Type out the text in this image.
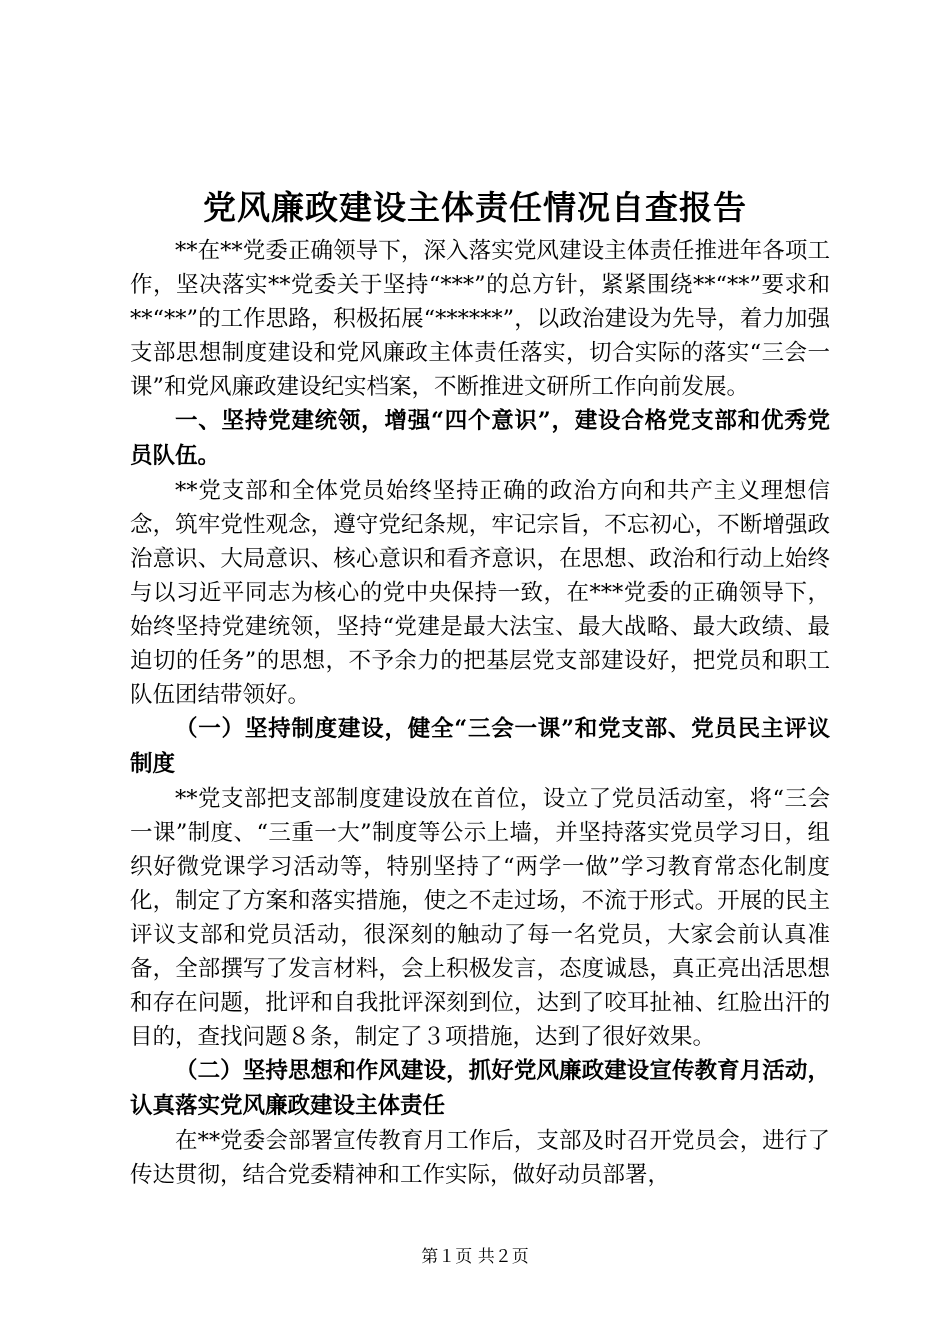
党风廉政建设主体责任情况自查报告

**在**党委正确领导下，深入落实党风建设主体责任推进年各项工作，坚决落实**党委关于坚持“***”的总方针，紧紧围绕**“**”要求和**“**”的工作思路，积极拓展“******”，以政治建设为先导，着力加强支部思想制度建设和党风廉政主体责任落实，切合实际的落实“三会一课”和党风廉政建设纪实档案，不断推进文研所工作向前发展。

一、坚持党建统领，增强“四个意识”，建设合格党支部和优秀党员队伍。

**党支部和全体党员始终坚持正确的政治方向和共产主义理想信念，筑牢党性观念，遵守党纪条规，牢记宗旨，不忘初心，不断增强政治意识、大局意识、核心意识和看齐意识，在思想、政治和行动上始终与以习近平同志为核心的党中央保持一致，在***党委的正确领导下，始终坚持党建统领，坚持“党建是最大法宝、最大战略、最大政绩、最迫切的任务”的思想，不予余力的把基层党支部建设好，把党员和职工队伍团结带领好。

（一）坚持制度建设，健全“三会一课”和党支部、党员民主评议制度

**党支部把支部制度建设放在首位，设立了党员活动室，将“三会一课”制度、“三重一大”制度等公示上墙，并坚持落实党员学习日，组织好微党课学习活动等，特别坚持了“两学一做”学习教育常态化制度化，制定了方案和落实措施，使之不走过场，不流于形式。开展的民主评议支部和党员活动，很深刻的触动了每一名党员，大家会前认真准备，全部撰写了发言材料，会上积极发言，态度诚恳，真正亮出活思想和存在问题，批评和自我批评深刻到位，达到了咬耳扯袖、红脸出汗的目的，查找问题８条，制定了３项措施，达到了很好效果。

（二）坚持思想和作风建设，抓好党风廉政建设宣传教育月活动，认真落实党风廉政建设主体责任

在**党委会部署宣传教育月工作后，支部及时召开党员会，进行了传达贯彻，结合党委精神和工作实际，做好动员部署，

第１页 共２页
